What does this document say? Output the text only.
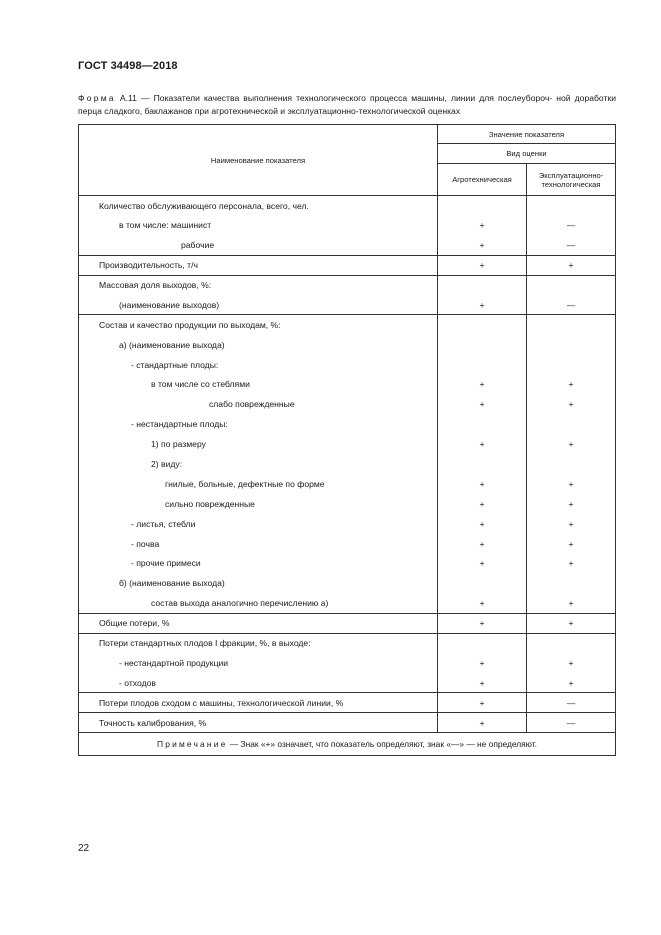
ГОСТ 34498—2018
Форма А.11 — Показатели качества выполнения технологического процесса машины, линии для послеубороч- ной доработки перца сладкого, баклажанов при агротехнической и эксплуатационно-технологической оценках
Наименование показателя	Значение показателя	
	Вид оценки	
	Агротехническая	Эксплуатационно-
технологическая

Количество обслуживающего персонала, всего, чел.		
в том числе: машинист	+	—
рабочие	+	—
Производительность, т/ч	+	+
Массовая доля выходов, %:		
(наименование выходов)	+	—
Состав и качество продукции по выходам, %:		
а) (наименование выхода)		
- стандартные плоды:		
в том числе со стеблями	+	+
слабо поврежденные	+	+
- нестандартные плоды:		
1) по размеру	+	+
2) виду:		
гнилые, больные, дефектные по форме	+	+
сильно поврежденные	+	+
- листья, стебли	+	+
- почва	+	+
- прочие примеси	+	+
б) (наименование выхода)		
состав выхода аналогично перечислению а)	+	+
Общие потери, %	+	+
Потери стандартных плодов I фракции, %, в выходе:		
- нестандартной продукции	+	+
- отходов	+	+
Потери плодов сходом с машины, технологической линии, %	+	—
Точность калибрования, %	+	—
Примечание — Знак «+» означает, что показатель определяют, знак «—» — не определяют.		
22
